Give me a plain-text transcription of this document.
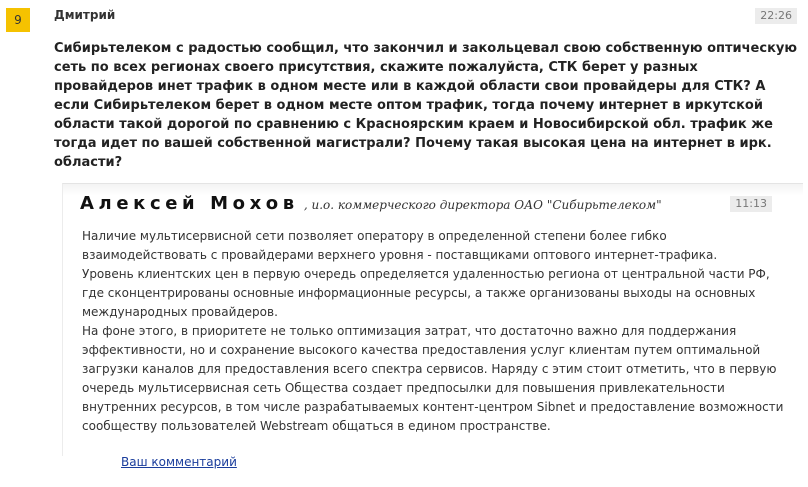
9	Дмитрий	22:26
Сибирьтелеком с радостью сообщил, что закончил и закольцевал свою собственную оптическую сеть по всех регионах своего присутствия, скажите пожалуйста, СТК берет у разных провайдеров инет трафик в одном месте или в каждой области свои провайдеры для СТК? А если Сибирьтелеком берет в одном месте оптом трафик, тогда почему интернет в иркутской области такой дорогой по сравнению с Красноярским краем и Новосибирской обл. трафик же тогда идет по вашей собственной магистрали? Почему такая высокая цена на интернет в ирк. области?
Алексей Мохов , и.о. коммерческого директора ОАО "Сибирьтелеком"	11:13

Наличие мультисервисной сети позволяет оператору в определенной степени более гибко взаимодействовать с провайдерами верхнего уровня - поставщиками оптового интернет-трафика.

Уровень клиентских цен в первую очередь определяется удаленностью региона от центральной части РФ, где сконцентрированы основные информационные ресурсы, а также организованы выходы на основных международных провайдеров.

На фоне этого, в приоритете не только оптимизация затрат, что достаточно важно для поддержания эффективности, но и сохранение высокого качества предоставления услуг клиентам путем оптимальной загрузки каналов для предоставления всего спектра сервисов. Наряду с этим стоит отметить, что в первую очередь мультисервисная сеть Общества создает предпосылки для повышения привлекательности внутренних ресурсов, в том числе разрабатываемых контент-центром Sibnet и предоставление возможности сообществу пользователей Webstream общаться в едином пространстве.

Ваш комментарий
